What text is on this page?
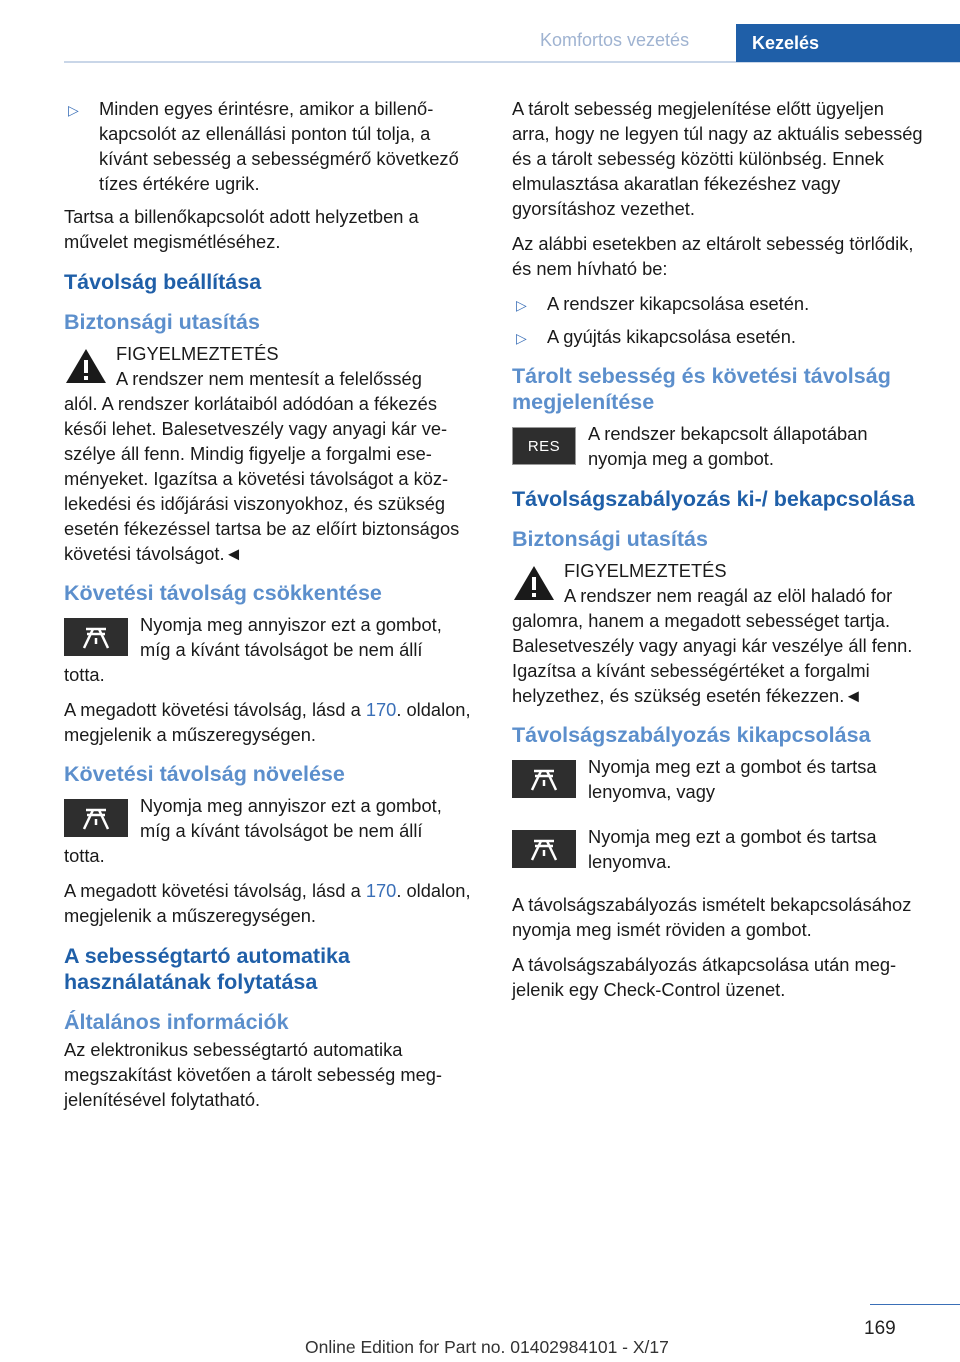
Komfortos vezetés	Kezelés
▷ Minden egyes érintésre, amikor a billenőkapcsolót az ellenállási ponton túl tolja, a kívánt sebesség a sebességmérő következő tízes értékére ugrik.

Tartsa a billenőkapcsolót adott helyzetben a művelet megismétléséhez.

Távolság beállítása
Biztonsági utasítás
FIGYELMEZTETÉS
A rendszer nem mentesít a felelősség
alól. A rendszer korlátaiból adódóan a fékezés késői lehet. Balesetveszély vagy anyagi kár veszélye áll fenn. Mindig figyelje a forgalmi eseményeket. Igazítsa a követési távolságot a közlekedési és időjárási viszonyokhoz, és szükség esetén fékezéssel tartsa be az előírt biztonságos követési távolságot.◄
Követési távolság csökkentése
Nyomja meg annyiszor ezt a gombot, míg a kívánt távolságot be nem állí
totta.

A megadott követési távolság, lásd a 170. oldalon, megjelenik a műszeregységen.

Követési távolság növelése
Nyomja meg annyiszor ezt a gombot, míg a kívánt távolságot be nem állí
totta.

A megadott követési távolság, lásd a 170. oldalon, megjelenik a műszeregységen.

A sebességtartó automatika használatának folytatása
Általános információk

Az elektronikus sebességtartó automatika megszakítást követően a tárolt sebesség megjelenítésével folytatható.

A tárolt sebesség megjelenítése előtt ügyeljen arra, hogy ne legyen túl nagy az aktuális sebesség és a tárolt sebesség közötti különbség. Ennek elmulasztása akaratlan fékezéshez vagy gyorsításhoz vezethet.

Az alábbi esetekben az eltárolt sebesség törlődik, és nem hívható be:

▷ A rendszer kikapcsolása esetén.
▷ A gyújtás kikapcsolása esetén.
Tárolt sebesség és követési távolság megjelenítése
RES
A rendszer bekapcsolt állapotában nyomja meg a gombot.
Távolságszabályozás ki-/ bekapcsolása
Biztonsági utasítás
FIGYELMEZTETÉS
A rendszer nem reagál az elöl haladó for
galomra, hanem a megadott sebességet tartja. Balesetveszély vagy anyagi kár veszélye áll fenn. Igazítsa a kívánt sebességértéket a forgalmi helyzethez, és szükség esetén fékezzen.◄
Távolságszabályozás kikapcsolása
Nyomja meg ezt a gombot és tartsa lenyomva, vagy
Nyomja meg ezt a gombot és tartsa lenyomva.

A távolságszabályozás ismételt bekapcsolásához nyomja meg ismét röviden a gombot.

A távolságszabályozás átkapcsolása után megjelenik egy Check-Control üzenet.

169
Online Edition for Part no. 01402984101 - X/17
